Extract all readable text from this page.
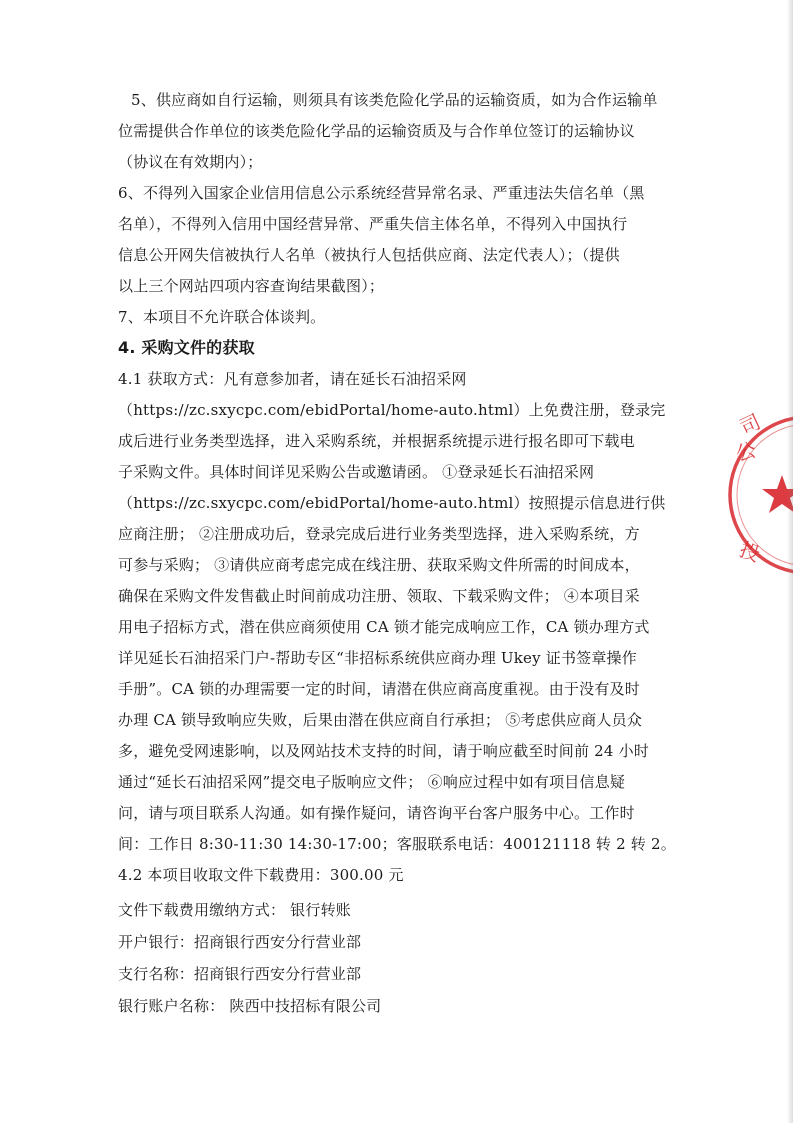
5、供应商如自行运输，则须具有该类危险化学品的运输资质，如为合作运输单
位需提供合作单位的该类危险化学品的运输资质及与合作单位签订的运输协议
（协议在有效期内）；
6、不得列入国家企业信用信息公示系统经营异常名录、严重违法失信名单（黑
名单），不得列入信用中国经营异常、严重失信主体名单，不得列入中国执行
信息公开网失信被执行人名单（被执行人包括供应商、法定代表人）；（提供
以上三个网站四项内容查询结果截图）；
7、本项目不允许联合体谈判。
4. 采购文件的获取
4.1 获取方式：凡有意参加者，请在延长石油招采网
（https://zc.sxycpc.com/ebidPortal/home-auto.html）上免费注册，登录完
成后进行业务类型选择，进入采购系统，并根据系统提示进行报名即可下载电
子采购文件。具体时间详见采购公告或邀请函。 ①登录延长石油招采网
（https://zc.sxycpc.com/ebidPortal/home-auto.html）按照提示信息进行供
应商注册； ②注册成功后，登录完成后进行业务类型选择，进入采购系统，方
可参与采购； ③请供应商考虑完成在线注册、获取采购文件所需的时间成本，
确保在采购文件发售截止时间前成功注册、领取、下载采购文件； ④本项目采
用电子招标方式，潜在供应商须使用 CA 锁才能完成响应工作，CA 锁办理方式
详见延长石油招采门户-帮助专区“非招标系统供应商办理 Ukey 证书签章操作
手册”。CA 锁的办理需要一定的时间，请潜在供应商高度重视。由于没有及时
办理 CA 锁导致响应失败，后果由潜在供应商自行承担； ⑤考虑供应商人员众
多，避免受网速影响，以及网站技术支持的时间，请于响应截至时间前 24 小时
通过“延长石油招采网”提交电子版响应文件； ⑥响应过程中如有项目信息疑
问，请与项目联系人沟通。如有操作疑问，请咨询平台客户服务中心。工作时
间：工作日 8:30-11:30 14:30-17:00；客服联系电话：400121118 转 2 转 2。
4.2 本项目收取文件下载费用：300.00 元
文件下载费用缴纳方式： 银行转账
开户银行：招商银行西安分行营业部
支行名称：招商银行西安分行营业部
银行账户名称： 陕西中技招标有限公司
司
公
投
